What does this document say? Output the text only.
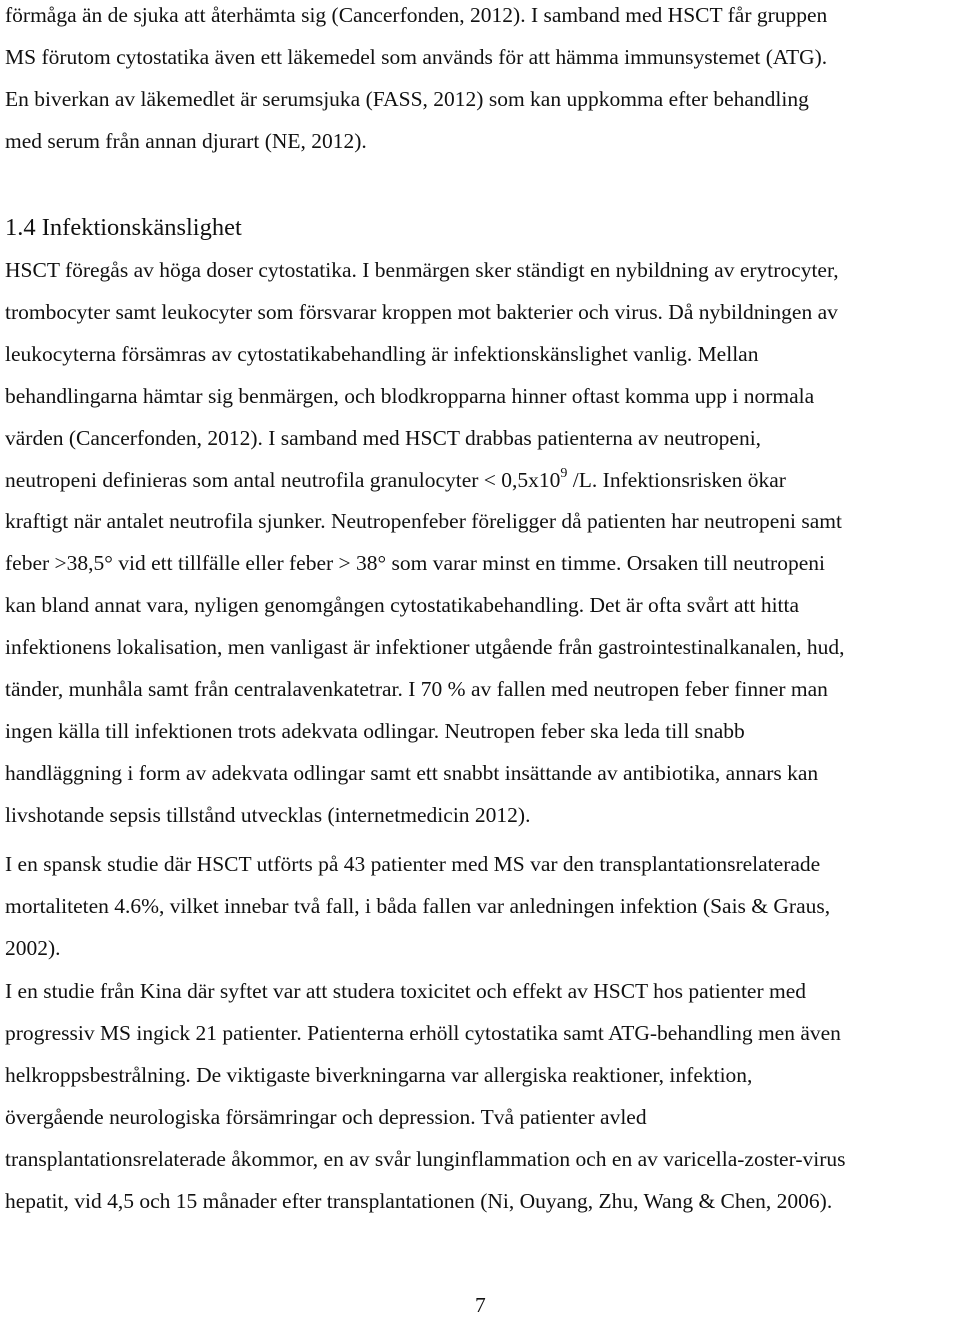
förmåga än de sjuka att återhämta sig (Cancerfonden, 2012). I samband med HSCT får gruppen
MS förutom cytostatika även ett läkemedel som används för att hämma immunsystemet (ATG).
En biverkan av läkemedlet är serumsjuka (FASS, 2012) som kan uppkomma efter behandling
med serum från annan djurart (NE, 2012).

1.4 Infektionskänslighet

HSCT föregås av höga doser cytostatika. I benmärgen sker ständigt en nybildning av erytrocyter,
trombocyter samt leukocyter som försvarar kroppen mot bakterier och virus. Då nybildningen av
leukocyterna försämras av cytostatikabehandling är infektionskänslighet vanlig. Mellan
behandlingarna hämtar sig benmärgen, och blodkropparna hinner oftast komma upp i normala
värden (Cancerfonden, 2012). I samband med HSCT drabbas patienterna av neutropeni,
neutropeni definieras som antal neutrofila granulocyter < $0,5x10^9$ /L. Infektionsrisken ökar
kraftigt när antalet neutrofila sjunker. Neutropenfeber föreligger då patienten har neutropeni samt
feber >38,5° vid ett tillfälle eller feber > 38° som varar minst en timme. Orsaken till neutropeni
kan bland annat vara, nyligen genomgången cytostatikabehandling. Det är ofta svårt att hitta
infektionens lokalisation, men vanligast är infektioner utgående från gastrointestinalkanalen, hud,
tänder, munhåla samt från centralavenkatetrar. I 70 % av fallen med neutropen feber finner man
ingen källa till infektionen trots adekvata odlingar. Neutropen feber ska leda till snabb
handläggning i form av adekvata odlingar samt ett snabbt insättande av antibiotika, annars kan
livshotande sepsis tillstånd utvecklas (internetmedicin 2012).

I en spansk studie där HSCT utförts på 43 patienter med MS var den transplantationsrelaterade
mortaliteten 4.6%, vilket innebar två fall, i båda fallen var anledningen infektion (Sais & Graus,
2002).

I en studie från Kina där syftet var att studera toxicitet och effekt av HSCT hos patienter med
progressiv MS ingick 21 patienter. Patienterna erhöll cytostatika samt ATG-behandling men även
helkroppsbestrålning. De viktigaste biverkningarna var allergiska reaktioner, infektion,
övergående neurologiska försämringar och depression. Två patienter avled
transplantationsrelaterade åkommor, en av svår lunginflammation och en av varicella-zoster-virus
hepatit, vid 4,5 och 15 månader efter transplantationen (Ni, Ouyang, Zhu, Wang & Chen, 2006).

7
